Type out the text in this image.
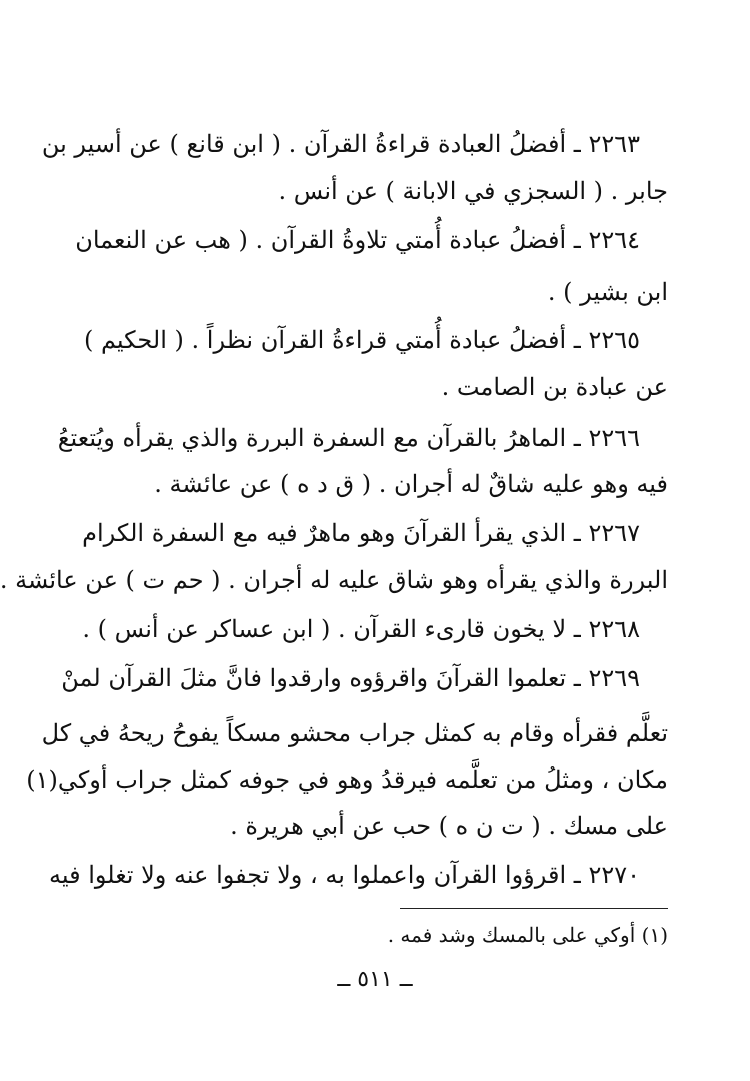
٢٢٦٣ ـ أفضلُ العبادة قراءةُ القرآن . ( ابن قانع ) عن أسير بن
جابر . ( السجزي في الابانة ) عن أنس .
٢٢٦٤ ـ أفضلُ عبادة أُمتي تلاوةُ القرآن . ( هب عن النعمان
ابن بشير ) .
٢٢٦٥ ـ أفضلُ عبادة أُمتي قراءةُ القرآن نظراً . ( الحكيم )
عن عبادة بن الصامت .
٢٢٦٦ ـ الماهرُ بالقرآن مع السفرة البررة والذي يقرأه ويُتعتعُ
فيه وهو عليه شاقٌ له أجران . ( ق د ه ) عن عائشة .
٢٢٦٧ ـ الذي يقرأ القرآنَ وهو ماهرٌ فيه مع السفرة الكرام
البررة والذي يقرأه وهو شاق عليه له أجران . ( حم ت ) عن عائشة .
٢٢٦٨ ـ لا يخون قارىء القرآن . ( ابن عساكر عن أنس ) .
٢٢٦٩ ـ تعلموا القرآنَ واقرؤوه وارقدوا فانَّ مثلَ القرآن لمنْ
تعلَّم فقرأه وقام به كمثل جراب محشو مسكاً يفوحُ ريحهُ في كل
مكان ، ومثلُ من تعلَّمه فيرقدُ وهو في جوفه كمثل جراب أوكي(١)
على مسك . ( ت ن ه ) حب عن أبي هريرة .
٢٢٧٠ ـ اقرؤوا القرآن واعملوا به ، ولا تجفوا عنه ولا تغلوا فيه
(١) أوكي على بالمسك وشد فمه .
ــ ٥١١ ــ
